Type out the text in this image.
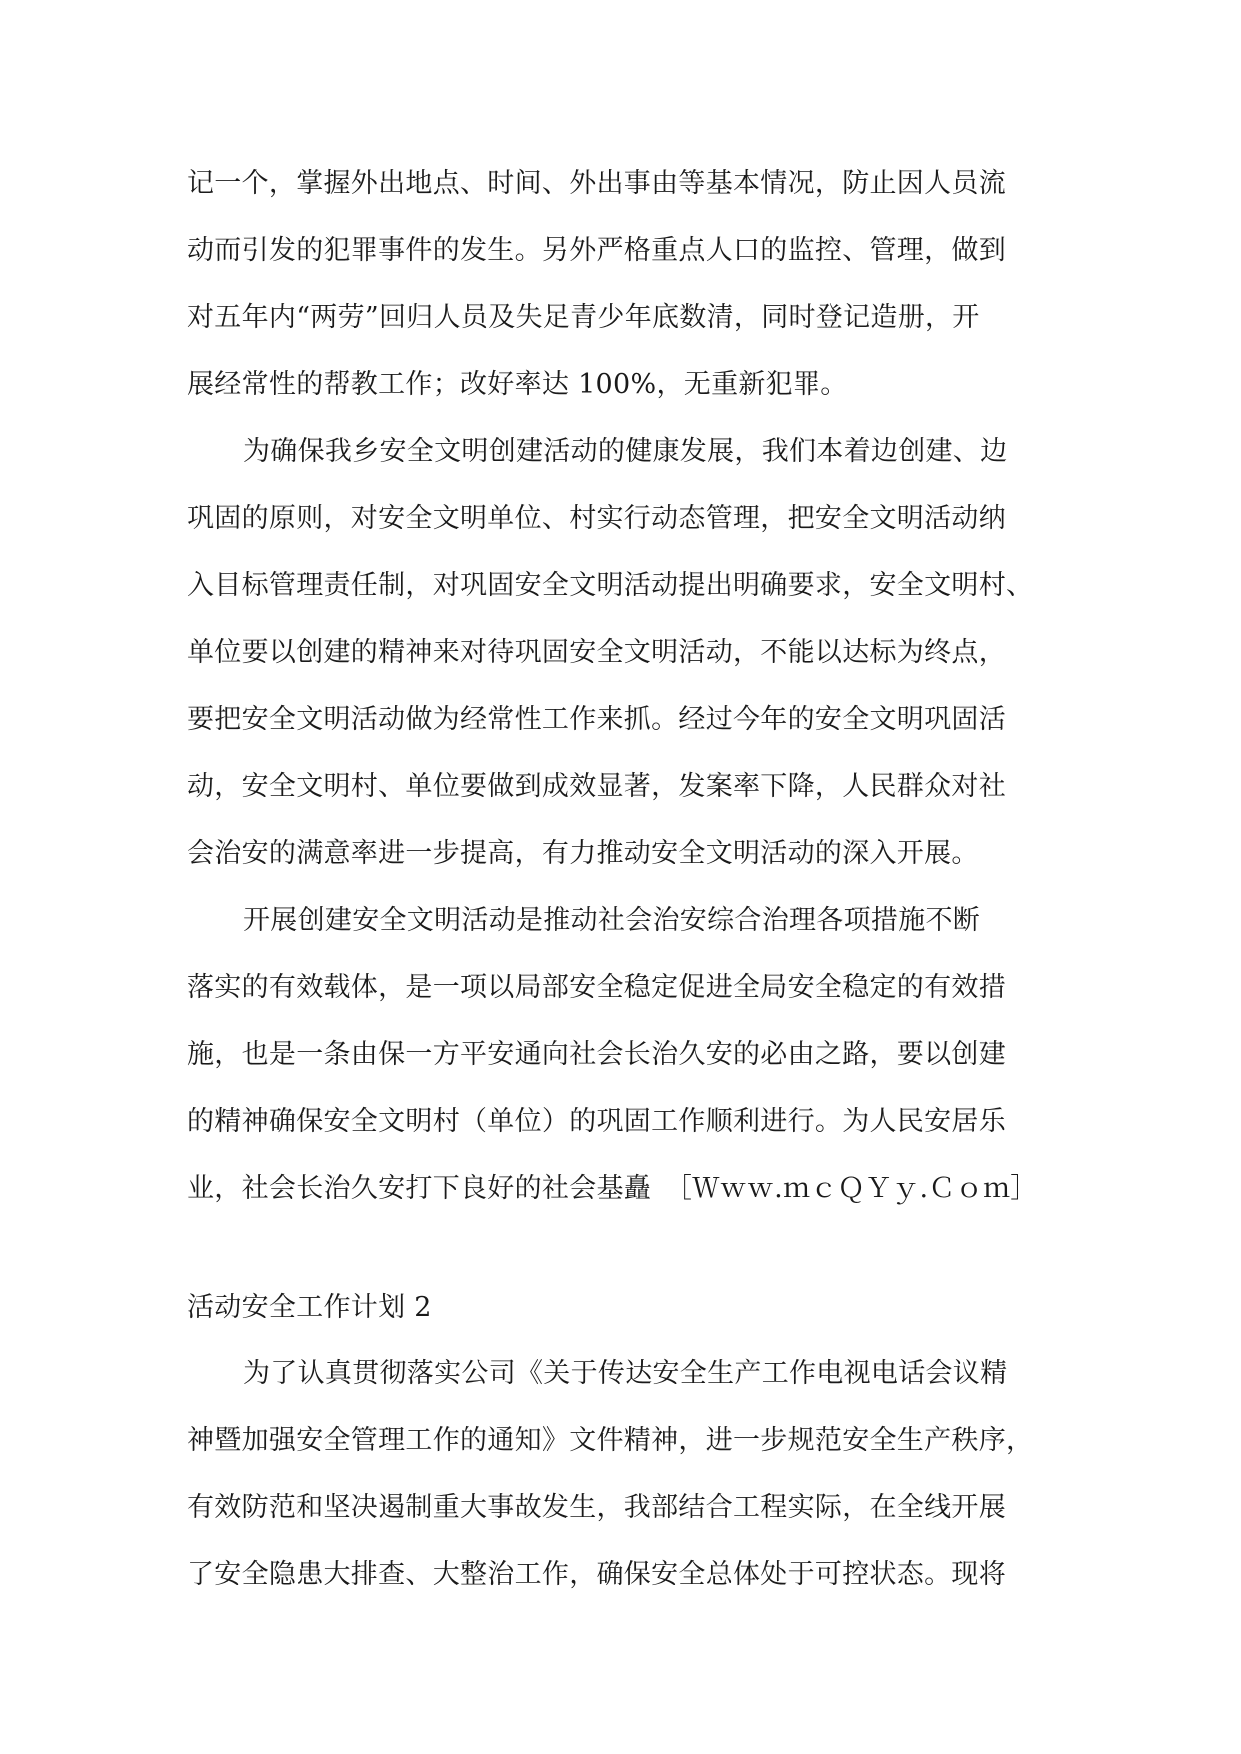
记一个，掌握外出地点、时间、外出事由等基本情况，防止因人员流

动而引发的犯罪事件的发生。另外严格重点人口的监控、管理，做到

对五年内“两劳”回归人员及失足青少年底数清，同时登记造册，开

展经常性的帮教工作；改好率达 100%，无重新犯罪。

为确保我乡安全文明创建活动的健康发展，我们本着边创建、边

巩固的原则，对安全文明单位、村实行动态管理，把安全文明活动纳

入目标管理责任制，对巩固安全文明活动提出明确要求，安全文明村、

单位要以创建的精神来对待巩固安全文明活动，不能以达标为终点，

要把安全文明活动做为经常性工作来抓。经过今年的安全文明巩固活

动，安全文明村、单位要做到成效显著，发案率下降，人民群众对社

会治安的满意率进一步提高，有力推动安全文明活动的深入开展。

开展创建安全文明活动是推动社会治安综合治理各项措施不断

落实的有效载体，是一项以局部安全稳定促进全局安全稳定的有效措

施，也是一条由保一方平安通向社会长治久安的必由之路，要以创建

的精神确保安全文明村（单位）的巩固工作顺利进行。为人民安居乐

业，社会长治久安打下良好的社会基矗　［Ｗｗｗ.ｍｃＱＹｙ.Ｃｏｍ］

活动安全工作计划 2

为了认真贯彻落实公司《关于传达安全生产工作电视电话会议精

神暨加强安全管理工作的通知》文件精神，进一步规范安全生产秩序，

有效防范和坚决遏制重大事故发生，我部结合工程实际，在全线开展

了安全隐患大排查、大整治工作，确保安全总体处于可控状态。现将
